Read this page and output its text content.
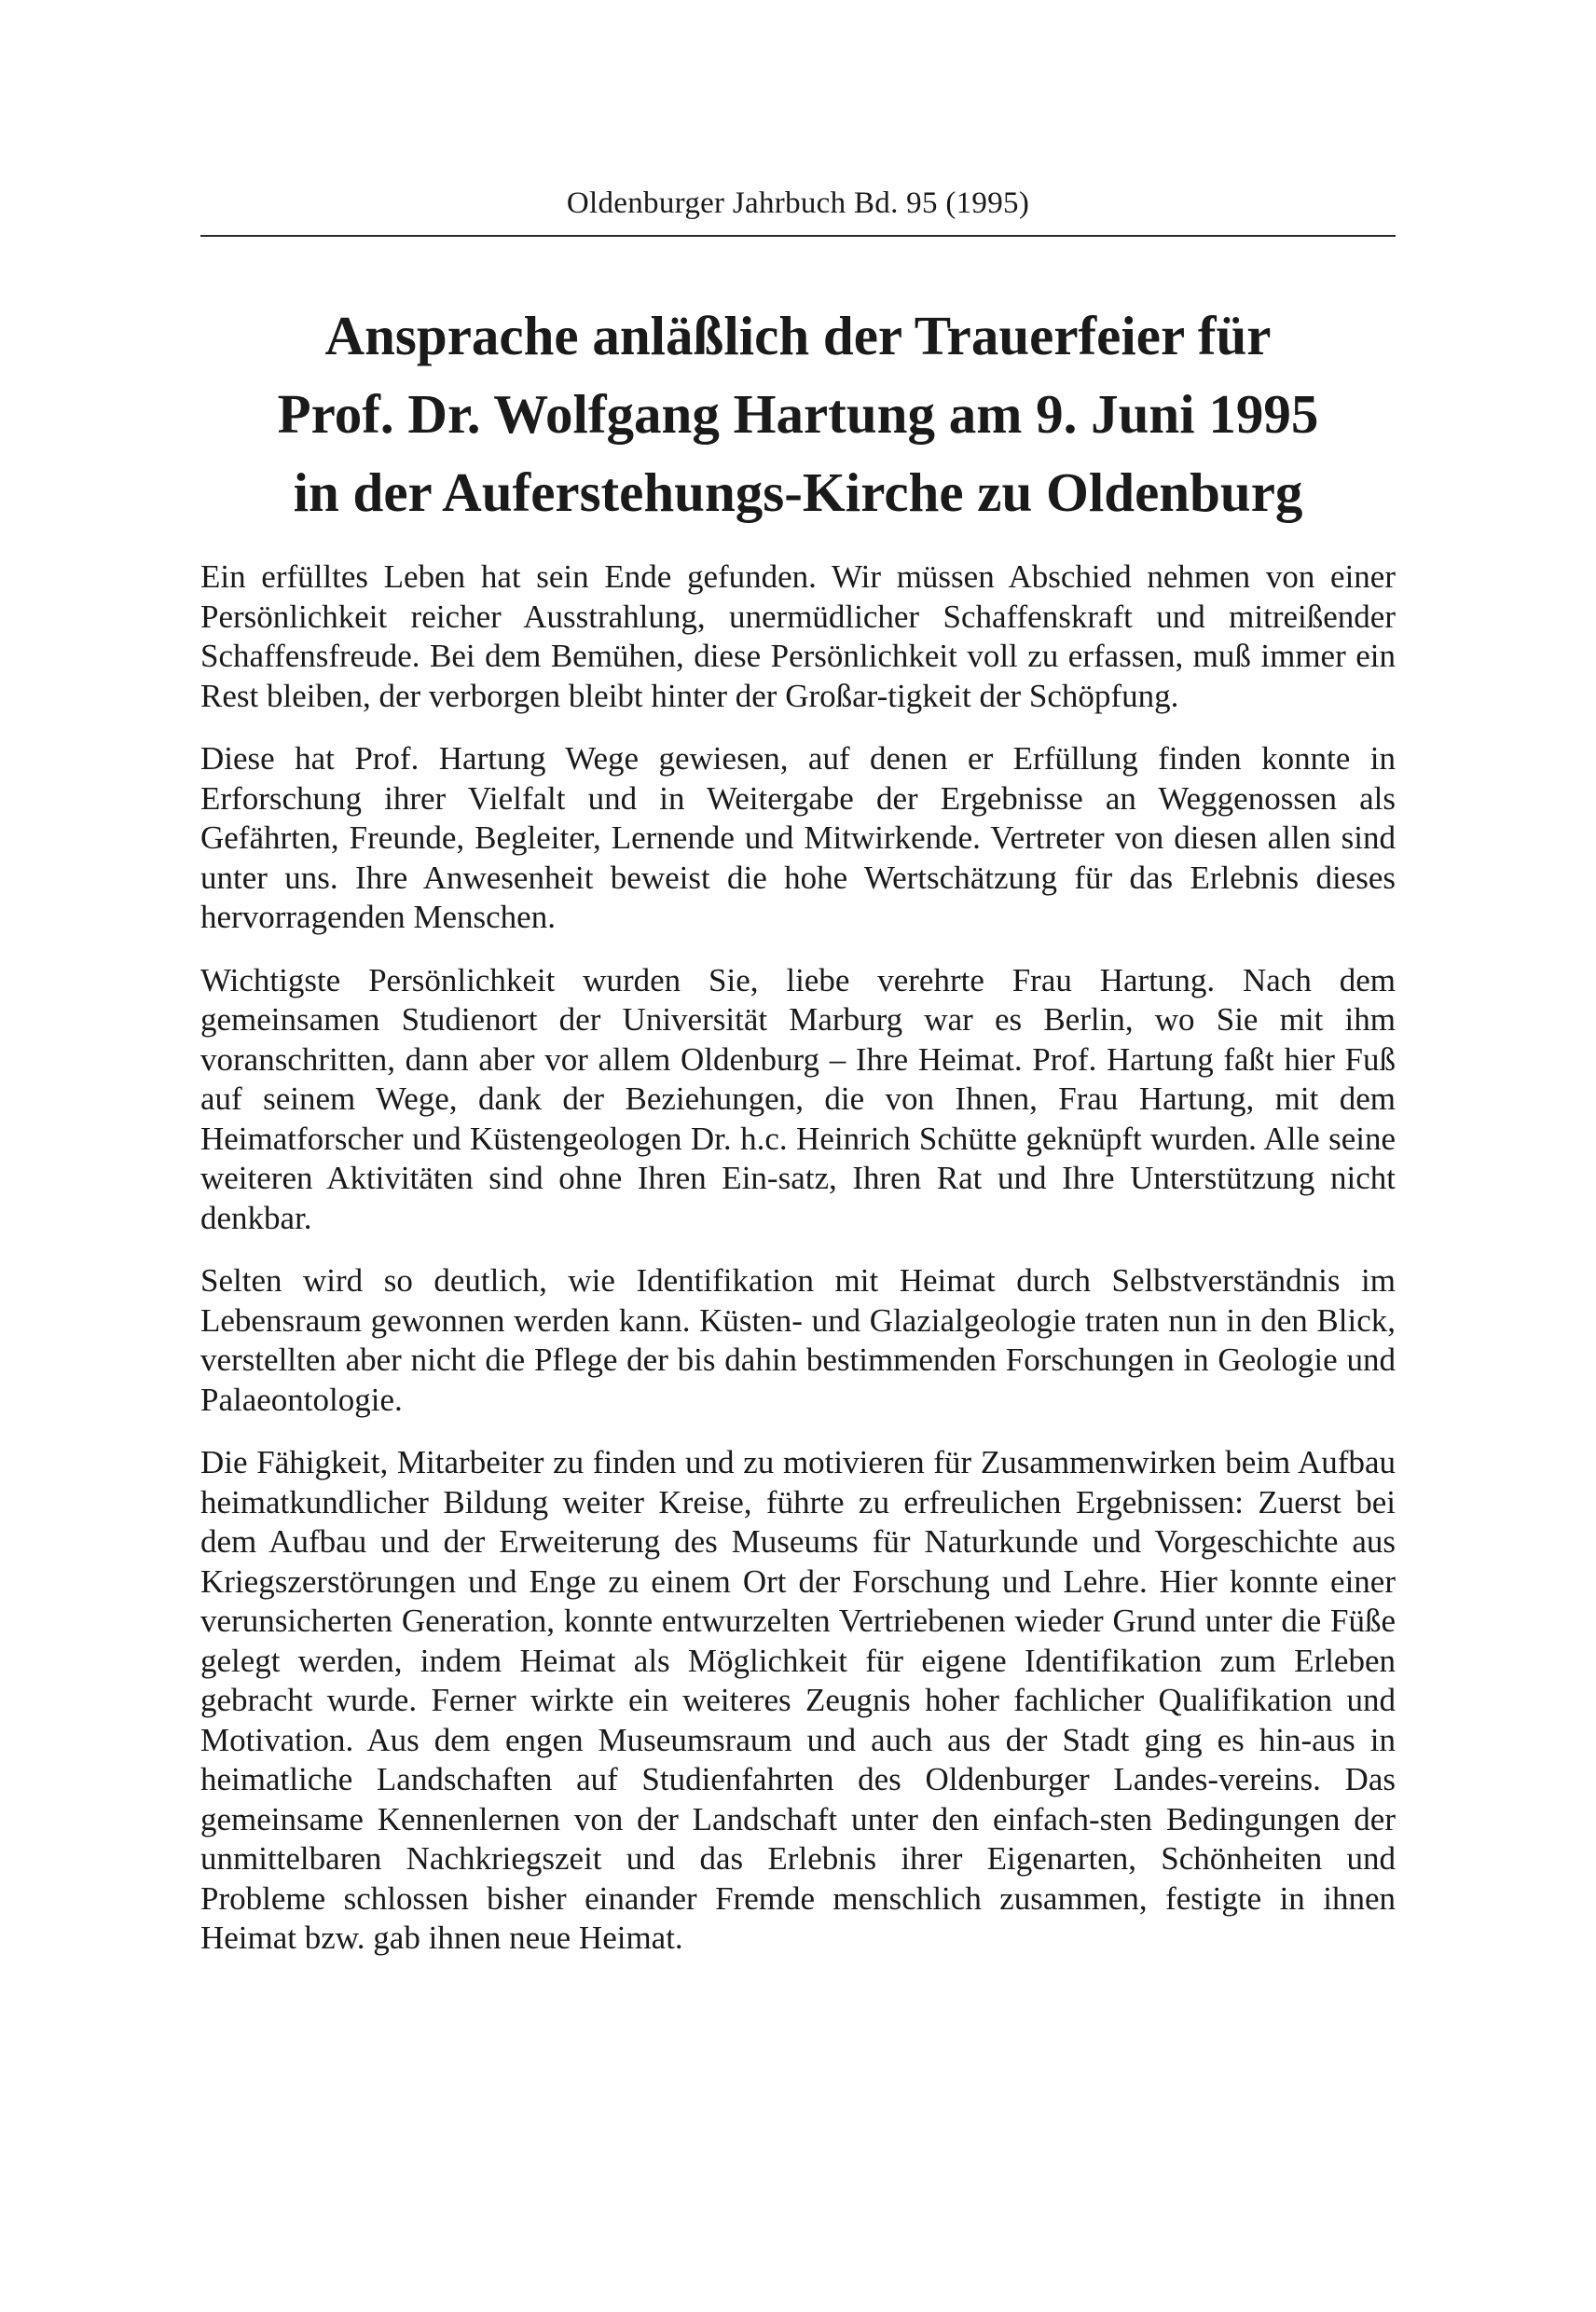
Oldenburger Jahrbuch Bd. 95 (1995)
Ansprache anläßlich der Trauerfeier für
Prof. Dr. Wolfgang Hartung am 9. Juni 1995
in der Auferstehungs-Kirche zu Oldenburg

Ein erfülltes Leben hat sein Ende gefunden. Wir müssen Abschied nehmen von einer Persönlichkeit reicher Ausstrahlung, unermüdlicher Schaffenskraft und mitreißender Schaffensfreude. Bei dem Bemühen, diese Persönlichkeit voll zu erfassen, muß immer ein Rest bleiben, der verborgen bleibt hinter der Großar-tigkeit der Schöpfung.

Diese hat Prof. Hartung Wege gewiesen, auf denen er Erfüllung finden konnte in Erforschung ihrer Vielfalt und in Weitergabe der Ergebnisse an Weggenossen als Gefährten, Freunde, Begleiter, Lernende und Mitwirkende. Vertreter von diesen allen sind unter uns. Ihre Anwesenheit beweist die hohe Wertschätzung für das Erlebnis dieses hervorragenden Menschen.

Wichtigste Persönlichkeit wurden Sie, liebe verehrte Frau Hartung. Nach dem gemeinsamen Studienort der Universität Marburg war es Berlin, wo Sie mit ihm voranschritten, dann aber vor allem Oldenburg – Ihre Heimat. Prof. Hartung faßt hier Fuß auf seinem Wege, dank der Beziehungen, die von Ihnen, Frau Hartung, mit dem Heimatforscher und Küstengeologen Dr. h.c. Heinrich Schütte geknüpft wurden. Alle seine weiteren Aktivitäten sind ohne Ihren Ein-satz, Ihren Rat und Ihre Unterstützung nicht denkbar.

Selten wird so deutlich, wie Identifikation mit Heimat durch Selbstverständnis im Lebensraum gewonnen werden kann. Küsten- und Glazialgeologie traten nun in den Blick, verstellten aber nicht die Pflege der bis dahin bestimmenden Forschungen in Geologie und Palaeontologie.

Die Fähigkeit, Mitarbeiter zu finden und zu motivieren für Zusammenwirken beim Aufbau heimatkundlicher Bildung weiter Kreise, führte zu erfreulichen Ergebnissen: Zuerst bei dem Aufbau und der Erweiterung des Museums für Naturkunde und Vorgeschichte aus Kriegszerstörungen und Enge zu einem Ort der Forschung und Lehre. Hier konnte einer verunsicherten Generation, konnte entwurzelten Vertriebenen wieder Grund unter die Füße gelegt werden, indem Heimat als Möglichkeit für eigene Identifikation zum Erleben gebracht wurde. Ferner wirkte ein weiteres Zeugnis hoher fachlicher Qualifikation und Motivation. Aus dem engen Museumsraum und auch aus der Stadt ging es hin-aus in heimatliche Landschaften auf Studienfahrten des Oldenburger Landes-vereins. Das gemeinsame Kennenlernen von der Landschaft unter den einfach-sten Bedingungen der unmittelbaren Nachkriegszeit und das Erlebnis ihrer Eigenarten, Schönheiten und Probleme schlossen bisher einander Fremde menschlich zusammen, festigte in ihnen Heimat bzw. gab ihnen neue Heimat.
